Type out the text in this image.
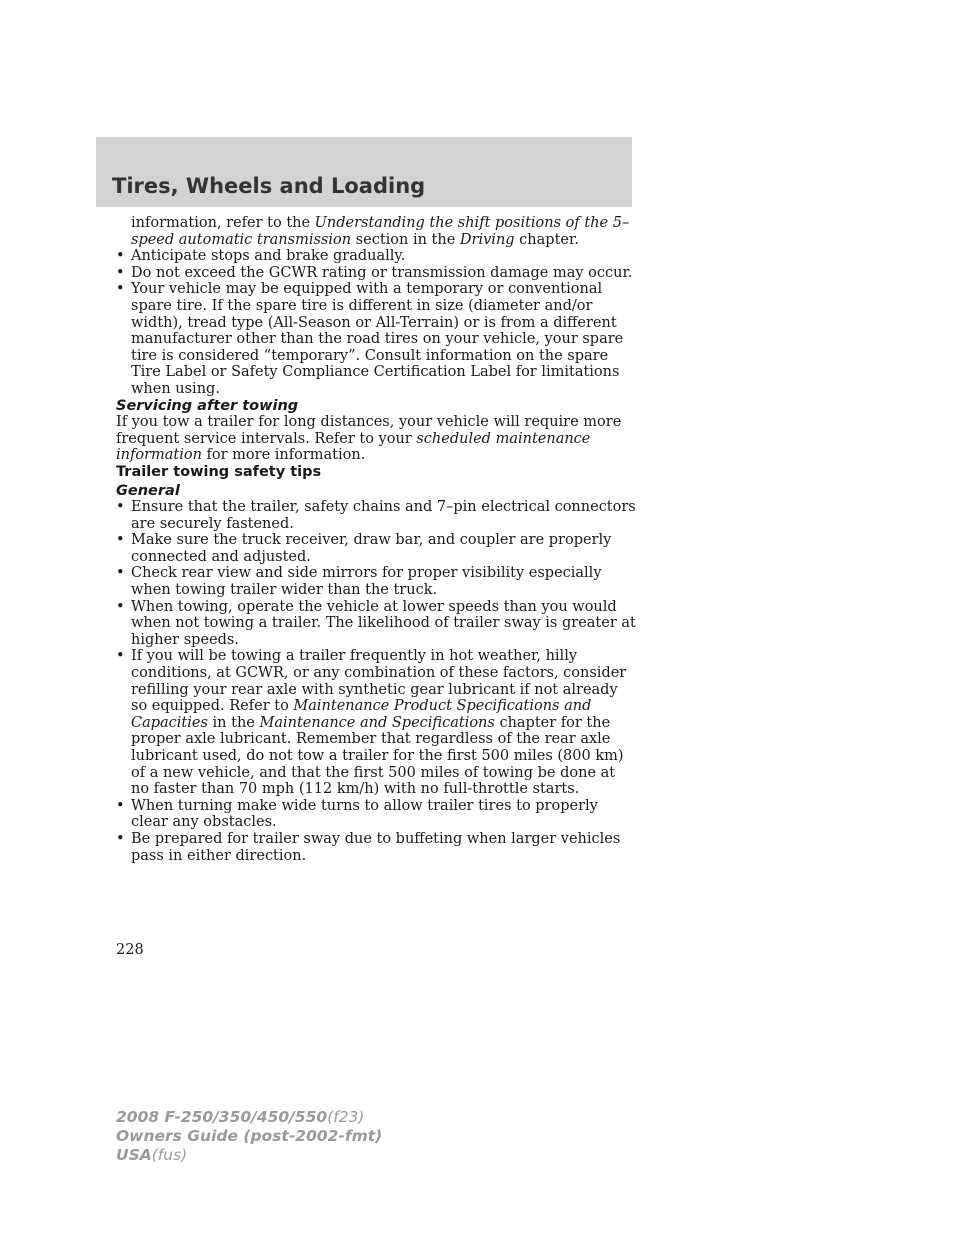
Tires, Wheels and Loading

information, refer to the Understanding the shift positions of the 5–speed automatic transmission section in the Driving chapter.

• Anticipate stops and brake gradually.

• Do not exceed the GCWR rating or transmission damage may occur.

• Your vehicle may be equipped with a temporary or conventional spare tire. If the spare tire is different in size (diameter and/or width), tread type (All-Season or All-Terrain) or is from a different manufacturer other than the road tires on your vehicle, your spare tire is considered “temporary”. Consult information on the spare Tire Label or Safety Compliance Certification Label for limitations when using.

Servicing after towing

If you tow a trailer for long distances, your vehicle will require more frequent service intervals. Refer to your scheduled maintenance information for more information.

Trailer towing safety tips

General

• Ensure that the trailer, safety chains and 7–pin electrical connectors are securely fastened.

• Make sure the truck receiver, draw bar, and coupler are properly connected and adjusted.

• Check rear view and side mirrors for proper visibility especially when towing trailer wider than the truck.

• When towing, operate the vehicle at lower speeds than you would when not towing a trailer. The likelihood of trailer sway is greater at higher speeds.

• If you will be towing a trailer frequently in hot weather, hilly conditions, at GCWR, or any combination of these factors, consider refilling your rear axle with synthetic gear lubricant if not already so equipped. Refer to Maintenance Product Specifications and Capacities in the Maintenance and Specifications chapter for the proper axle lubricant. Remember that regardless of the rear axle lubricant used, do not tow a trailer for the first 500 miles (800 km) of a new vehicle, and that the first 500 miles of towing be done at no faster than 70 mph (112 km/h) with no full-throttle starts.

• When turning make wide turns to allow trailer tires to properly clear any obstacles.

• Be prepared for trailer sway due to buffeting when larger vehicles pass in either direction.

228
2008 F-250/350/450/550(f23)
Owners Guide (post-2002-fmt)
USA(fus)
